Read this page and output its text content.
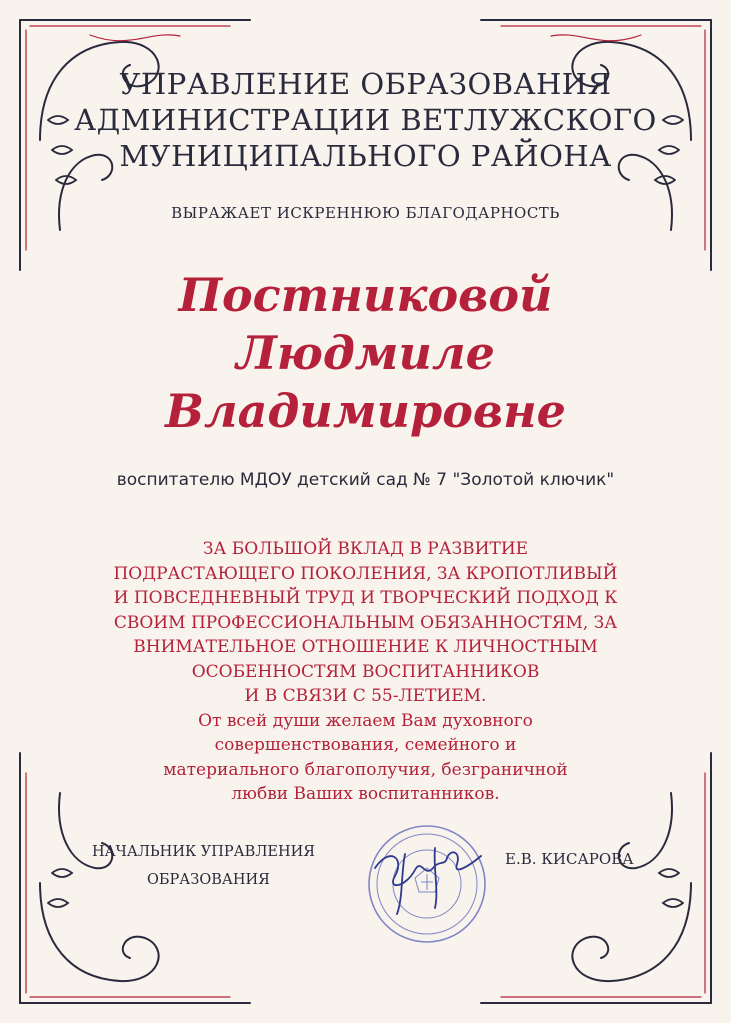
УПРАВЛЕНИЕ ОБРАЗОВАНИЯ
АДМИНИСТРАЦИИ ВЕТЛУЖСКОГО
МУНИЦИПАЛЬНОГО РАЙОНА
ВЫРАЖАЕТ ИСКРЕННЮЮ БЛАГОДАРНОСТЬ
Постниковой
Людмиле
Владимировне
воспитателю МДОУ детский сад № 7 "Золотой ключик"
ЗА БОЛЬШОЙ ВКЛАД В РАЗВИТИЕ
ПОДРАСТАЮЩЕГО ПОКОЛЕНИЯ, ЗА КРОПОТЛИВЫЙ
И ПОВСЕДНЕВНЫЙ ТРУД И ТВОРЧЕСКИЙ ПОДХОД К
СВОИМ ПРОФЕССИОНАЛЬНЫМ ОБЯЗАННОСТЯМ, ЗА
ВНИМАТЕЛЬНОЕ ОТНОШЕНИЕ К ЛИЧНОСТНЫМ
ОСОБЕННОСТЯМ ВОСПИТАННИКОВ
И В СВЯЗИ С 55-ЛЕТИЕМ.
От всей души желаем Вам духовного
совершенствования, семейного и
материального благополучия, безграничной
любви Ваших воспитанников.
НАЧАЛЬНИК УПРАВЛЕНИЯ
ОБРАЗОВАНИЯ
Е.В. КИСАРОВА
